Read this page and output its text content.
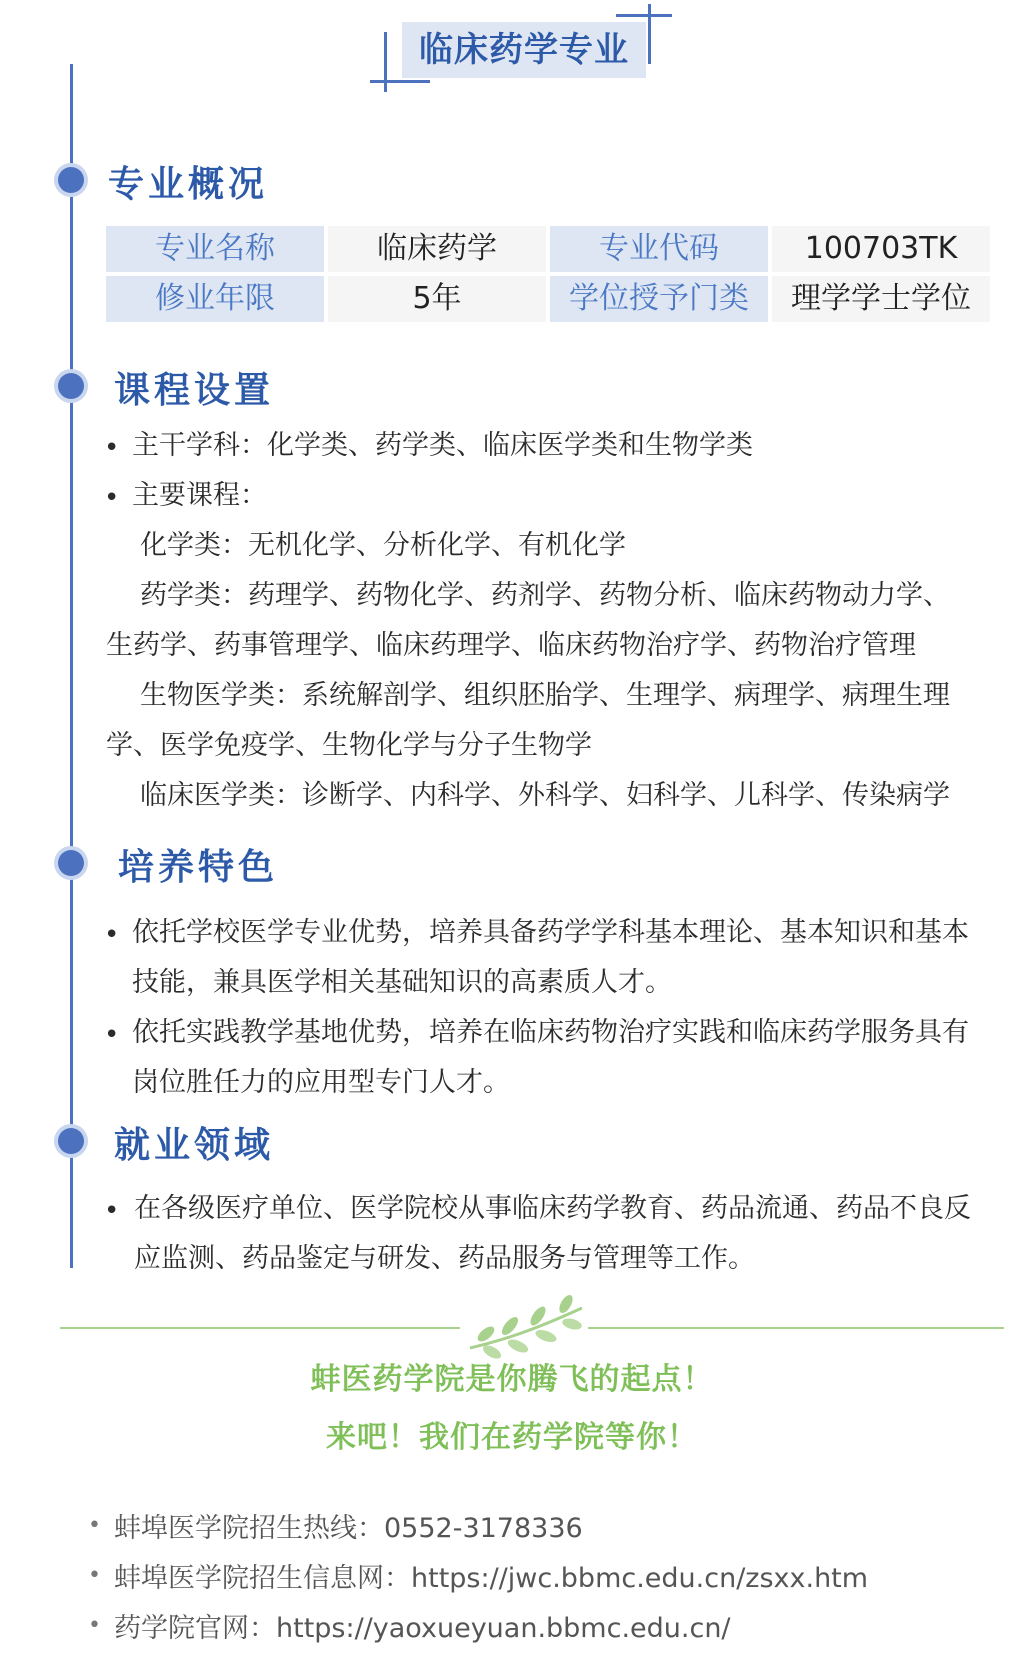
临床药学专业
专业概况
专业名称	临床药学	专业代码	100703TK
修业年限	5年	学位授予门类	理学学士学位
课程设置
• 主干学科：化学类、药学类、临床医学类和生物学类
• 主要课程：
化学类：无机化学、分析化学、有机化学
药学类：药理学、药物化学、药剂学、药物分析、临床药物动力学、
生药学、药事管理学、临床药理学、临床药物治疗学、药物治疗管理
生物医学类：系统解剖学、组织胚胎学、生理学、病理学、病理生理
学、医学免疫学、生物化学与分子生物学
临床医学类：诊断学、内科学、外科学、妇科学、儿科学、传染病学
培养特色
• 依托学校医学专业优势，培养具备药学学科基本理论、基本知识和基本
技能，兼具医学相关基础知识的高素质人才。
• 依托实践教学基地优势，培养在临床药物治疗实践和临床药学服务具有
岗位胜任力的应用型专门人才。
就业领域
• 在各级医疗单位、医学院校从事临床药学教育、药品流通、药品不良反
应监测、药品鉴定与研发、药品服务与管理等工作。
蚌医药学院是你腾飞的起点！
来吧！我们在药学院等你！
• 蚌埠医学院招生热线：0552-3178336
• 蚌埠医学院招生信息网：https://jwc.bbmc.edu.cn/zsxx.htm
• 药学院官网：https://yaoxueyuan.bbmc.edu.cn/
